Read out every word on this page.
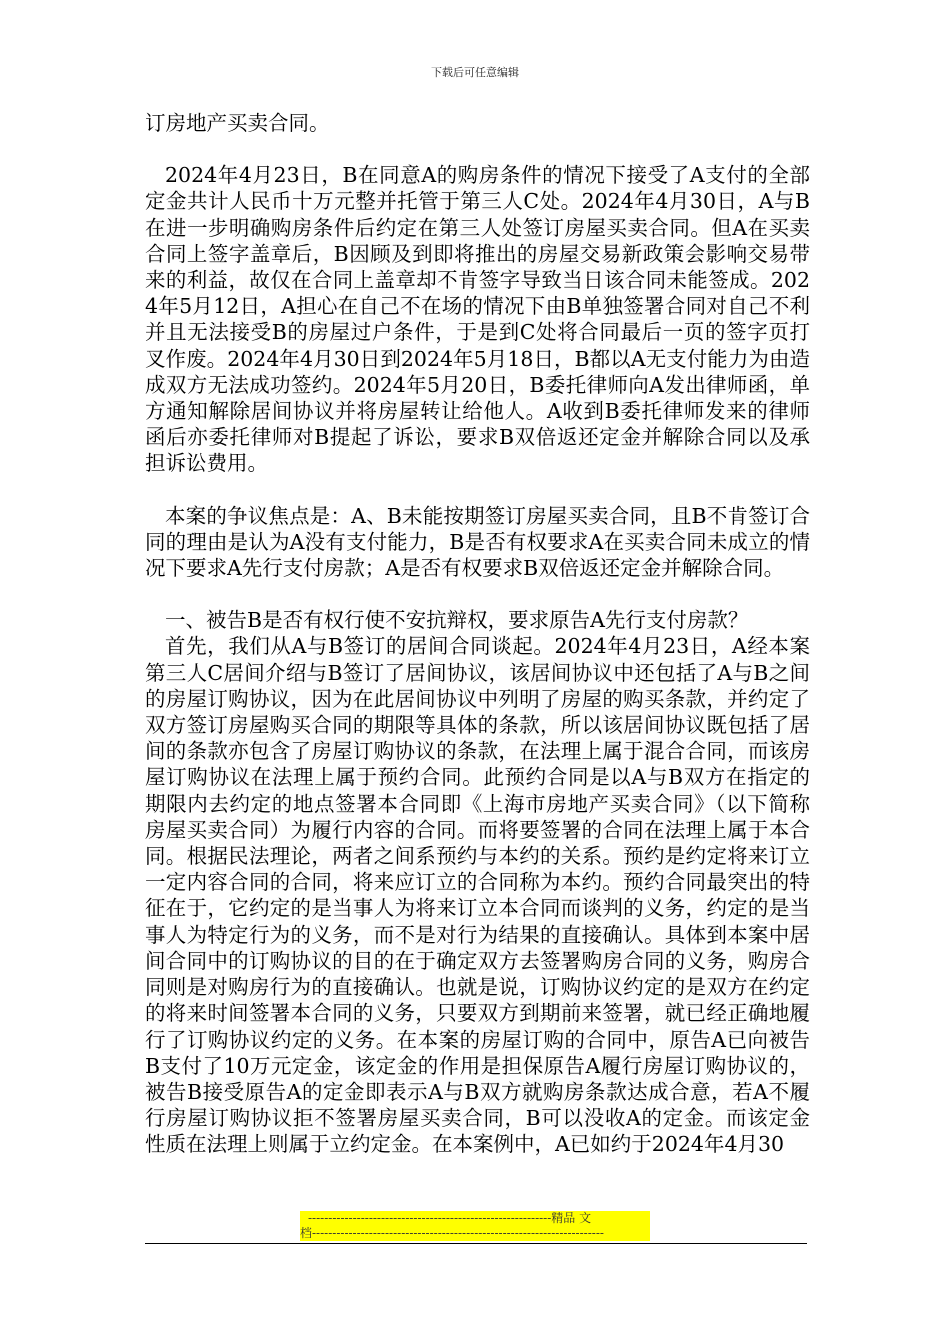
下载后可任意编辑

订房地产买卖合同。

2024年4月23日，B在同意A的购房条件的情况下接受了A支付的全部定金共计人民币十万元整并托管于第三人C处。2024年4月30日，A与B在进一步明确购房条件后约定在第三人处签订房屋买卖合同。但A在买卖合同上签字盖章后，B因顾及到即将推出的房屋交易新政策会影响交易带来的利益，故仅在合同上盖章却不肯签字导致当日该合同未能签成。2024年5月12日，A担心在自己不在场的情况下由B单独签署合同对自己不利并且无法接受B的房屋过户条件，于是到C处将合同最后一页的签字页打叉作废。2024年4月30日到2024年5月18日，B都以A无支付能力为由造成双方无法成功签约。2024年5月20日，B委托律师向A发出律师函，单方通知解除居间协议并将房屋转让给他人。A收到B委托律师发来的律师函后亦委托律师对B提起了诉讼，要求B双倍返还定金并解除合同以及承担诉讼费用。

本案的争议焦点是：A、B未能按期签订房屋买卖合同，且B不肯签订合同的理由是认为A没有支付能力，B是否有权要求A在买卖合同未成立的情况下要求A先行支付房款；A是否有权要求B双倍返还定金并解除合同。

一、被告B是否有权行使不安抗辩权，要求原告A先行支付房款？

首先，我们从A与B签订的居间合同谈起。2024年4月23日，A经本案第三人C居间介绍与B签订了居间协议，该居间协议中还包括了A与B之间的房屋订购协议，因为在此居间协议中列明了房屋的购买条款，并约定了双方签订房屋购买合同的期限等具体的条款，所以该居间协议既包括了居间的条款亦包含了房屋订购协议的条款，在法理上属于混合合同，而该房屋订购协议在法理上属于预约合同。此预约合同是以A与B双方在指定的期限内去约定的地点签署本合同即《上海市房地产买卖合同》（以下简称房屋买卖合同）为履行内容的合同。而将要签署的合同在法理上属于本合同。根据民法理论，两者之间系预约与本约的关系。预约是约定将来订立一定内容合同的合同，将来应订立的合同称为本约。预约合同最突出的特征在于，它约定的是当事人为将来订立本合同而谈判的义务，约定的是当事人为特定行为的义务，而不是对行为结果的直接确认。具体到本案中居间合同中的订购协议的目的在于确定双方去签署购房合同的义务，购房合同则是对购房行为的直接确认。也就是说，订购协议约定的是双方在约定的将来时间签署本合同的义务，只要双方到期前来签署，就已经正确地履行了订购协议约定的义务。在本案的房屋订购的合同中，原告A已向被告B支付了10万元定金，该定金的作用是担保原告A履行房屋订购协议的，被告B接受原告A的定金即表示A与B双方就购房条款达成合意，若A不履行房屋订购协议拒不签署房屋买卖合同，B可以没收A的定金。而该定金性质在法理上则属于立约定金。在本案例中，A已如约于2024年4月30

------------------------------------------------------------精品 文
档------------------------------------------------------------------------
